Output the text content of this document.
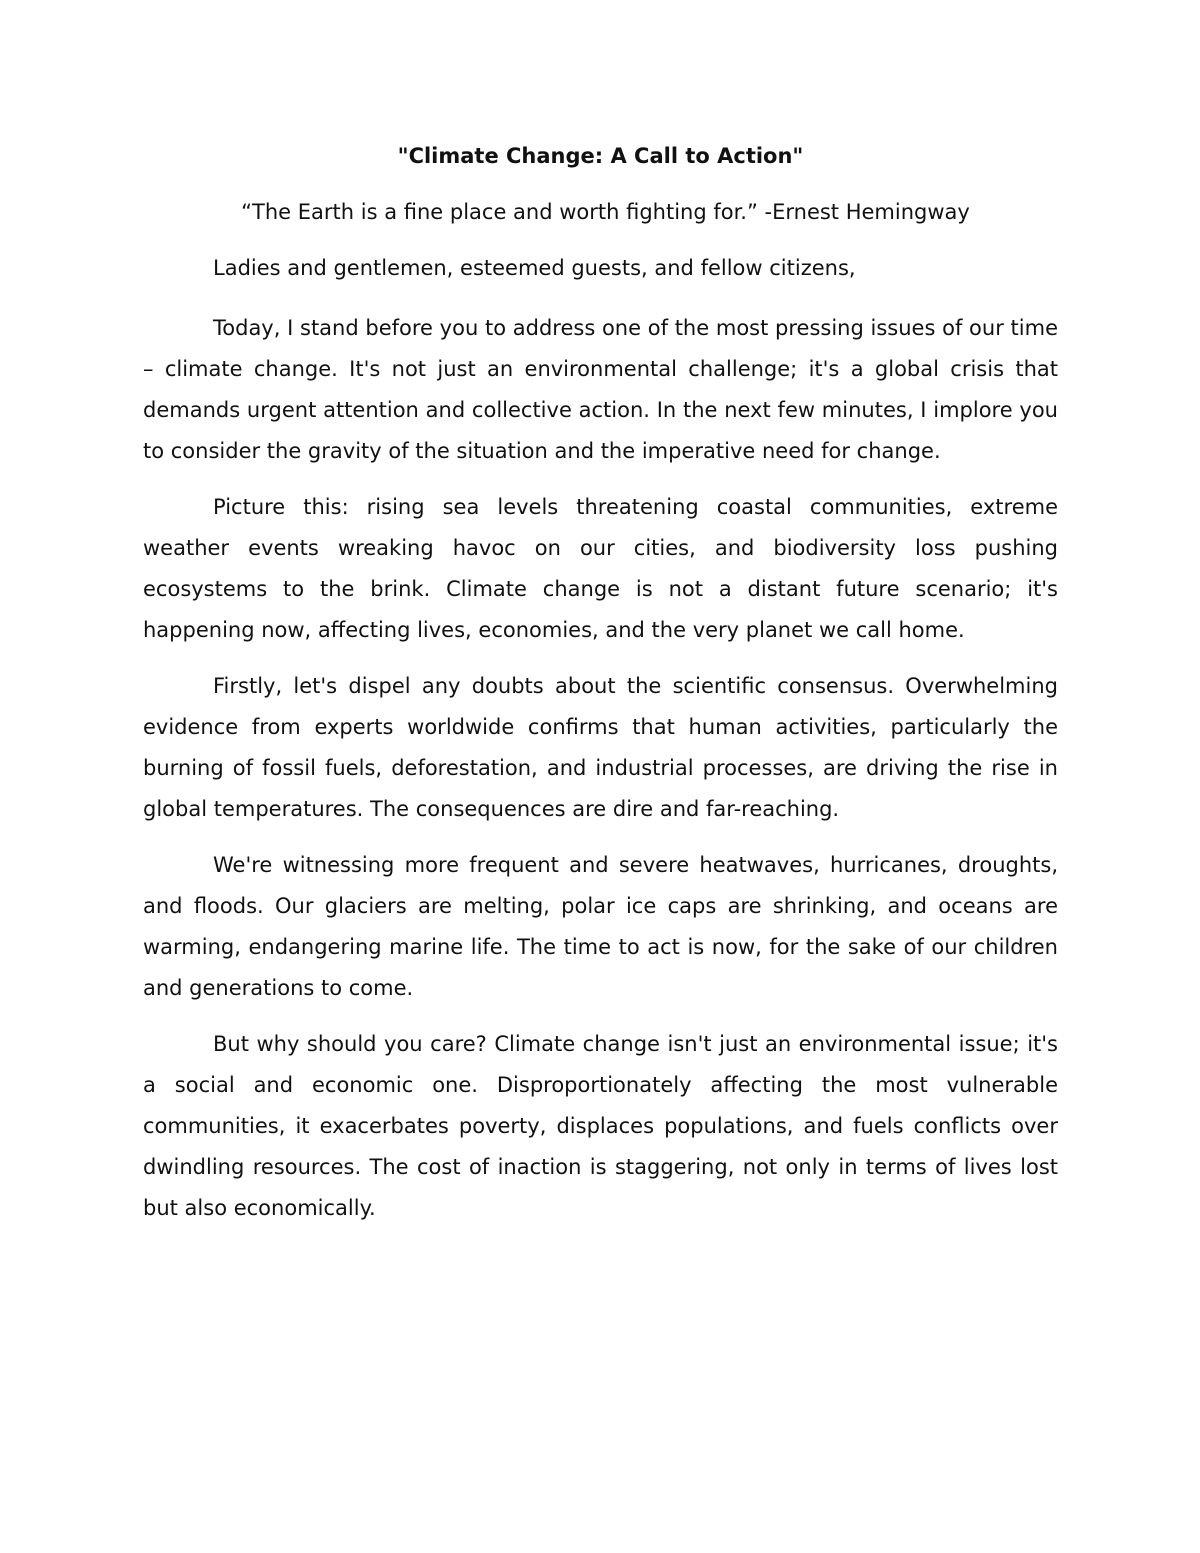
"Climate Change: A Call to Action"

“The Earth is a fine place and worth fighting for.” -Ernest Hemingway

Ladies and gentlemen, esteemed guests, and fellow citizens,

Today, I stand before you to address one of the most pressing issues of our time – climate change. It's not just an environmental challenge; it's a global crisis that demands urgent attention and collective action. In the next few minutes, I implore you to consider the gravity of the situation and the imperative need for change.

Picture this: rising sea levels threatening coastal communities, extreme weather events wreaking havoc on our cities, and biodiversity loss pushing ecosystems to the brink. Climate change is not a distant future scenario; it's happening now, affecting lives, economies, and the very planet we call home.

Firstly, let's dispel any doubts about the scientific consensus. Overwhelming evidence from experts worldwide confirms that human activities, particularly the burning of fossil fuels, deforestation, and industrial processes, are driving the rise in global temperatures. The consequences are dire and far-reaching.

We're witnessing more frequent and severe heatwaves, hurricanes, droughts, and floods. Our glaciers are melting, polar ice caps are shrinking, and oceans are warming, endangering marine life. The time to act is now, for the sake of our children and generations to come.

But why should you care? Climate change isn't just an environmental issue; it's a social and economic one. Disproportionately affecting the most vulnerable communities, it exacerbates poverty, displaces populations, and fuels conflicts over dwindling resources. The cost of inaction is staggering, not only in terms of lives lost but also economically.
